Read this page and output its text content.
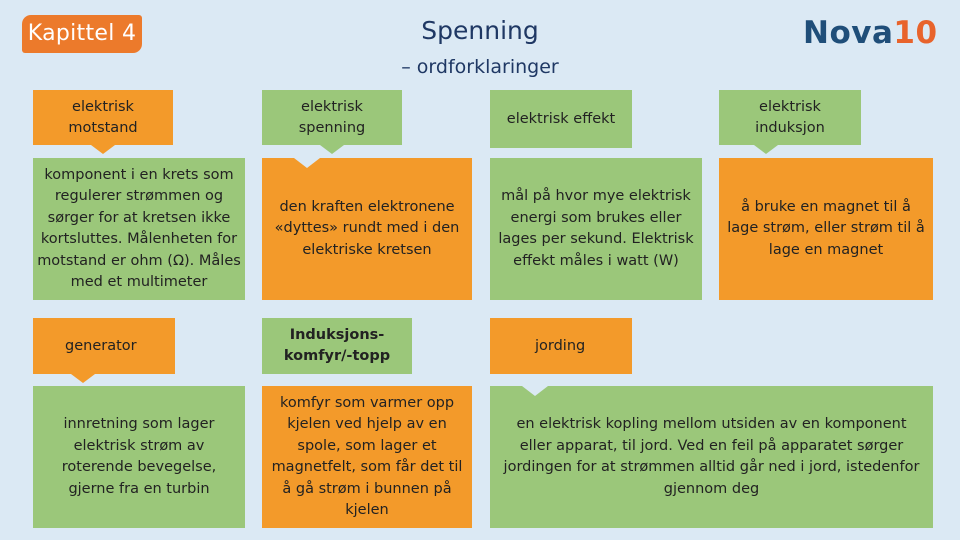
Kapittel 4	Spenning
– ordforklaringer
Nova10
elektrisk motstand
elektrisk spenning
elektrisk effekt
elektrisk induksjon
komponent i en krets som regulerer strømmen og sørger for at kretsen ikke kortsluttes. Målenheten for motstand er ohm (Ω). Måles med et multimeter
den kraften elektronene «dyttes» rundt med i den elektriske kretsen
mål på hvor mye elektrisk energi som brukes eller lages per sekund. Elektrisk effekt måles i watt (W)
å bruke en magnet til å lage strøm, eller strøm til å lage en magnet
generator
Induksjons-komfyr/-topp
jording
innretning som lager elektrisk strøm av roterende bevegelse, gjerne fra en turbin
komfyr som varmer opp kjelen ved hjelp av en spole, som lager et magnetfelt, som får det til å gå strøm i bunnen på kjelen
en elektrisk kopling mellom utsiden av en komponent eller apparat, til jord. Ved en feil på apparatet sørger jordingen for at strømmen alltid går ned i jord, istedenfor gjennom deg
